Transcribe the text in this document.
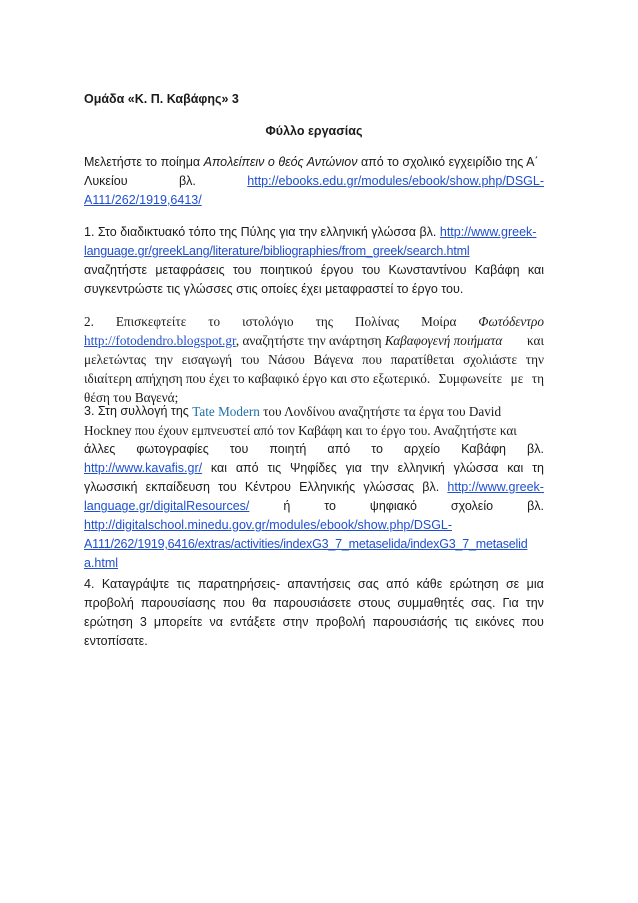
Ομάδα «Κ. Π. Καβάφης» 3
Φύλλο εργασίας
Μελετήστε το ποίημα Απολείπειν ο θεός Αντώνιον από το σχολικό εγχειρίδιο της Α΄
Λυκείου	βλ.	http://ebooks.edu.gr/modules/ebook/show.php/DSGL-
A111/262/1919,6413/
1. Στο διαδικτυακό τόπο της Πύλης για την ελληνική γλώσσα βλ. http://www.greek-
language.gr/greekLang/literature/bibliographies/from_greek/search.html
αναζητήστε μεταφράσεις του ποιητικού έργου του Κωνσταντίνου Καβάφη και
συγκεντρώστε τις γλώσσες στις οποίες έχει μεταφραστεί το έργο του.
2. Επισκεφτείτε το ιστολόγιο της Πολίνας Μοίρα Φωτόδεντρο
http://fotodendro.blogspot.gr, αναζητήστε την ανάρτηση Καβαφογενή ποιήματα και
μελετώντας την εισαγωγή του Νάσου Βάγενα που παρατίθεται σχολιάστε την
ιδιαίτερη απήχηση που έχει το καβαφικό έργο και στο εξωτερικό. Συμφωνείτε με τη
θέση του Βαγενά;
3. Στη συλλογή της Tate Modern του Λονδίνου αναζητήστε τα έργα του David
Hockney που έχουν εμπνευστεί από τον Καβάφη και το έργο του. Αναζητήστε και
άλλες φωτογραφίες του ποιητή από το αρχείο Καβάφη βλ.
http://www.kavafis.gr/ και από τις Ψηφίδες για την ελληνική γλώσσα και τη
γλωσσική εκπαίδευση του Κέντρου Ελληνικής γλώσσας βλ. http://www.greek-
language.gr/digitalResources/	ή	το	ψηφιακό	σχολείο	βλ.
http://digitalschool.minedu.gov.gr/modules/ebook/show.php/DSGL-
A111/262/1919,6416/extras/activities/indexG3_7_metaselida/indexG3_7_metaselid
a.html
4. Καταγράψτε τις παρατηρήσεις- απαντήσεις σας από κάθε ερώτηση σε μια
προβολή παρουσίασης που θα παρουσιάσετε στους συμμαθητές σας. Για την
ερώτηση 3 μπορείτε να εντάξετε στην προβολή παρουσιάσής τις εικόνες που
εντοπίσατε.
